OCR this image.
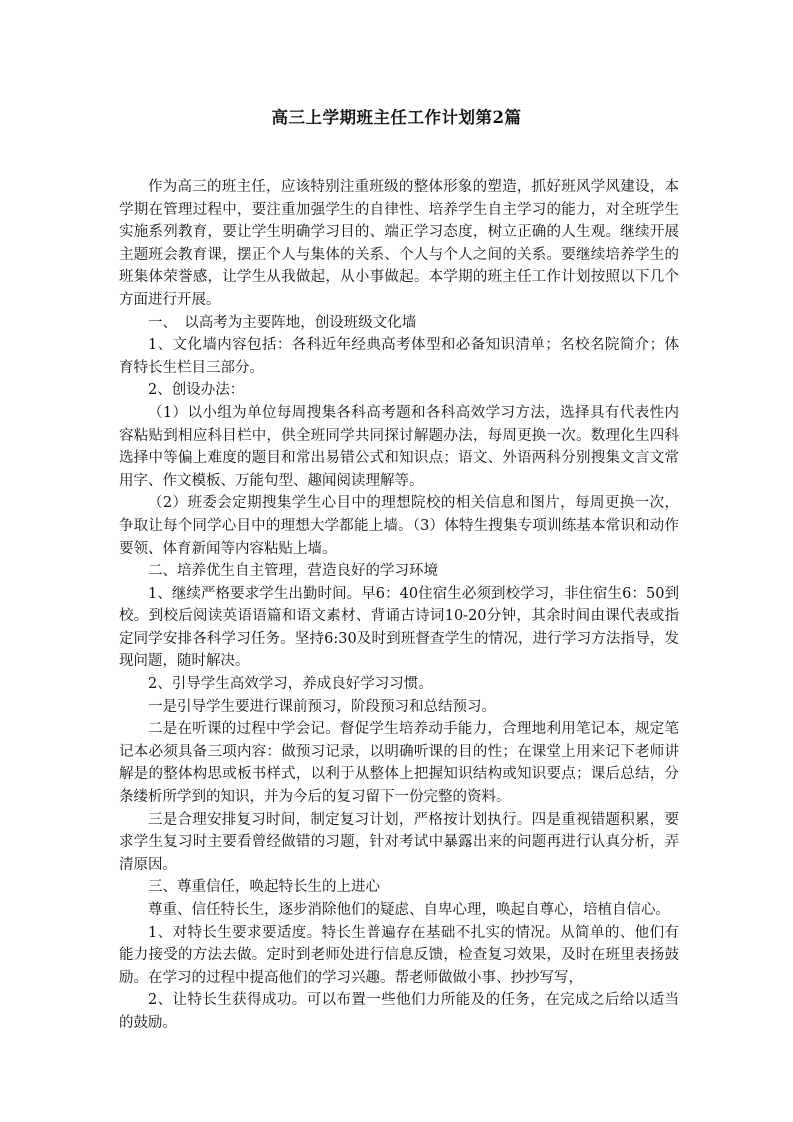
高三上学期班主任工作计划第2篇

作为高三的班主任，应该特别注重班级的整体形象的塑造，抓好班风学风建设，本学期在管理过程中，要注重加强学生的自律性、培养学生自主学习的能力，对全班学生实施系列教育，要让学生明确学习目的、端正学习态度，树立正确的人生观。继续开展主题班会教育课，摆正个人与集体的关系、个人与个人之间的关系。要继续培养学生的班集体荣誉感，让学生从我做起，从小事做起。本学期的班主任工作计划按照以下几个方面进行开展。

一、　以高考为主要阵地，创设班级文化墙

1、文化墙内容包括：各科近年经典高考体型和必备知识清单；名校名院简介；体育特长生栏目三部分。

2、创设办法：

（1）以小组为单位每周搜集各科高考题和各科高效学习方法，选择具有代表性内容粘贴到相应科目栏中，供全班同学共同探讨解题办法，每周更换一次。数理化生四科选择中等偏上难度的题目和常出易错公式和知识点；语文、外语两科分别搜集文言文常用字、作文模板、万能句型、趣闻阅读理解等。

（2）班委会定期搜集学生心目中的理想院校的相关信息和图片，每周更换一次，争取让每个同学心目中的理想大学都能上墙。（3）体特生搜集专项训练基本常识和动作要领、体育新闻等内容粘贴上墙。

二、培养优生自主管理，营造良好的学习环境

1、继续严格要求学生出勤时间。早6：40住宿生必须到校学习，非住宿生6：50到校。到校后阅读英语语篇和语文素材、背诵古诗词10-20分钟，其余时间由课代表或指定同学安排各科学习任务。坚持6:30及时到班督查学生的情况，进行学习方法指导，发现问题，随时解决。

2、引导学生高效学习，养成良好学习习惯。

一是引导学生要进行课前预习，阶段预习和总结预习。

二是在听课的过程中学会记。督促学生培养动手能力，合理地利用笔记本，规定笔记本必须具备三项内容：做预习记录，以明确听课的目的性；在课堂上用来记下老师讲解是的整体构思或板书样式，以利于从整体上把握知识结构或知识要点；课后总结，分条缕析所学到的知识，并为今后的复习留下一份完整的资料。

三是合理安排复习时间，制定复习计划，严格按计划执行。四是重视错题积累，要求学生复习时主要看曾经做错的习题，针对考试中暴露出来的问题再进行认真分析，弄清原因。

三、尊重信任，唤起特长生的上进心

尊重、信任特长生，逐步消除他们的疑虑、自卑心理，唤起自尊心，培植自信心。

1、对特长生要求要适度。特长生普遍存在基础不扎实的情况。从简单的、他们有能力接受的方法去做。定时到老师处进行信息反馈，检查复习效果，及时在班里表扬鼓励。在学习的过程中提高他们的学习兴趣。帮老师做做小事、抄抄写写，

2、让特长生获得成功。可以布置一些他们力所能及的任务，在完成之后给以适当的鼓励。
